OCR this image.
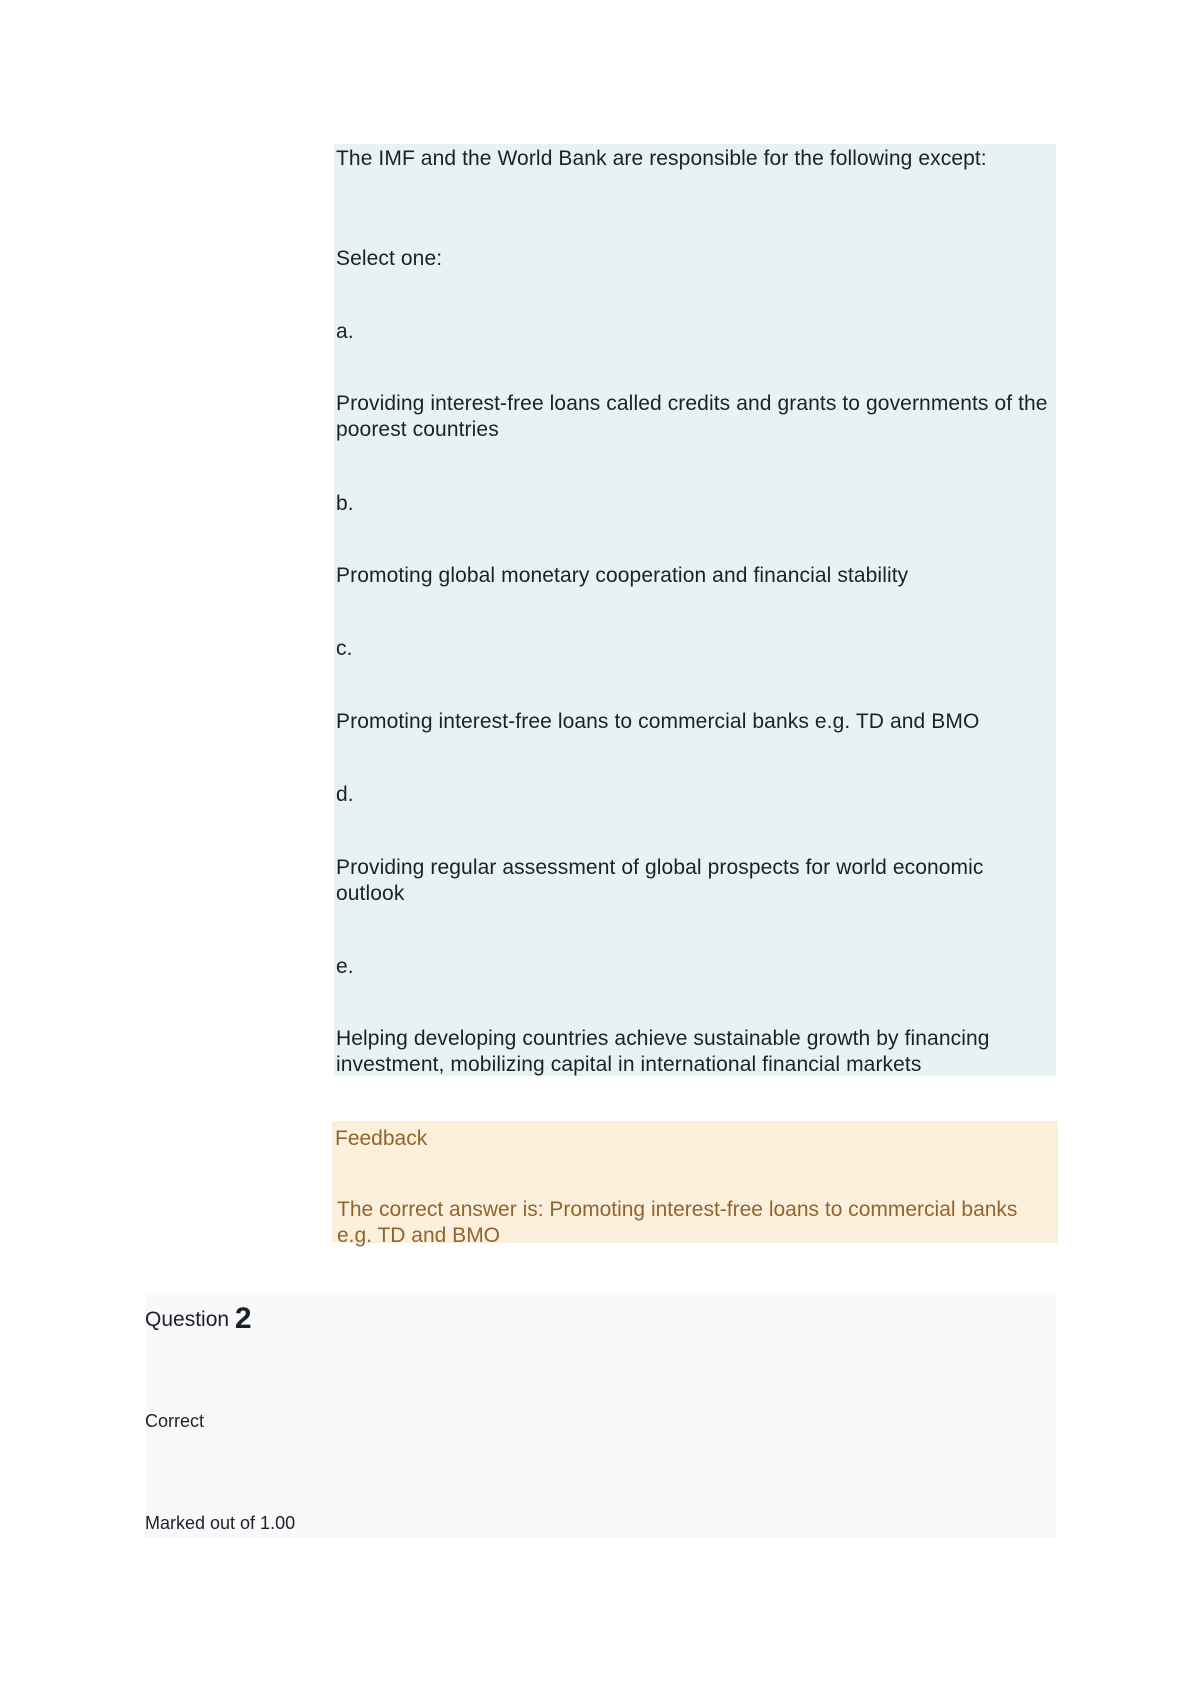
The IMF and the World Bank are responsible for the following except:
Select one:
a.
Providing interest-free loans called credits and grants to governments of the poorest countries
b.
Promoting global monetary cooperation and financial stability
c.
Promoting interest-free loans to commercial banks e.g. TD and BMO
d.
Providing regular assessment of global prospects for world economic outlook
e.
Helping developing countries achieve sustainable growth by financing investment, mobilizing capital in international financial markets
Feedback
The correct answer is: Promoting interest-free loans to commercial banks e.g. TD and BMO
Question 2
Correct
Marked out of 1.00
